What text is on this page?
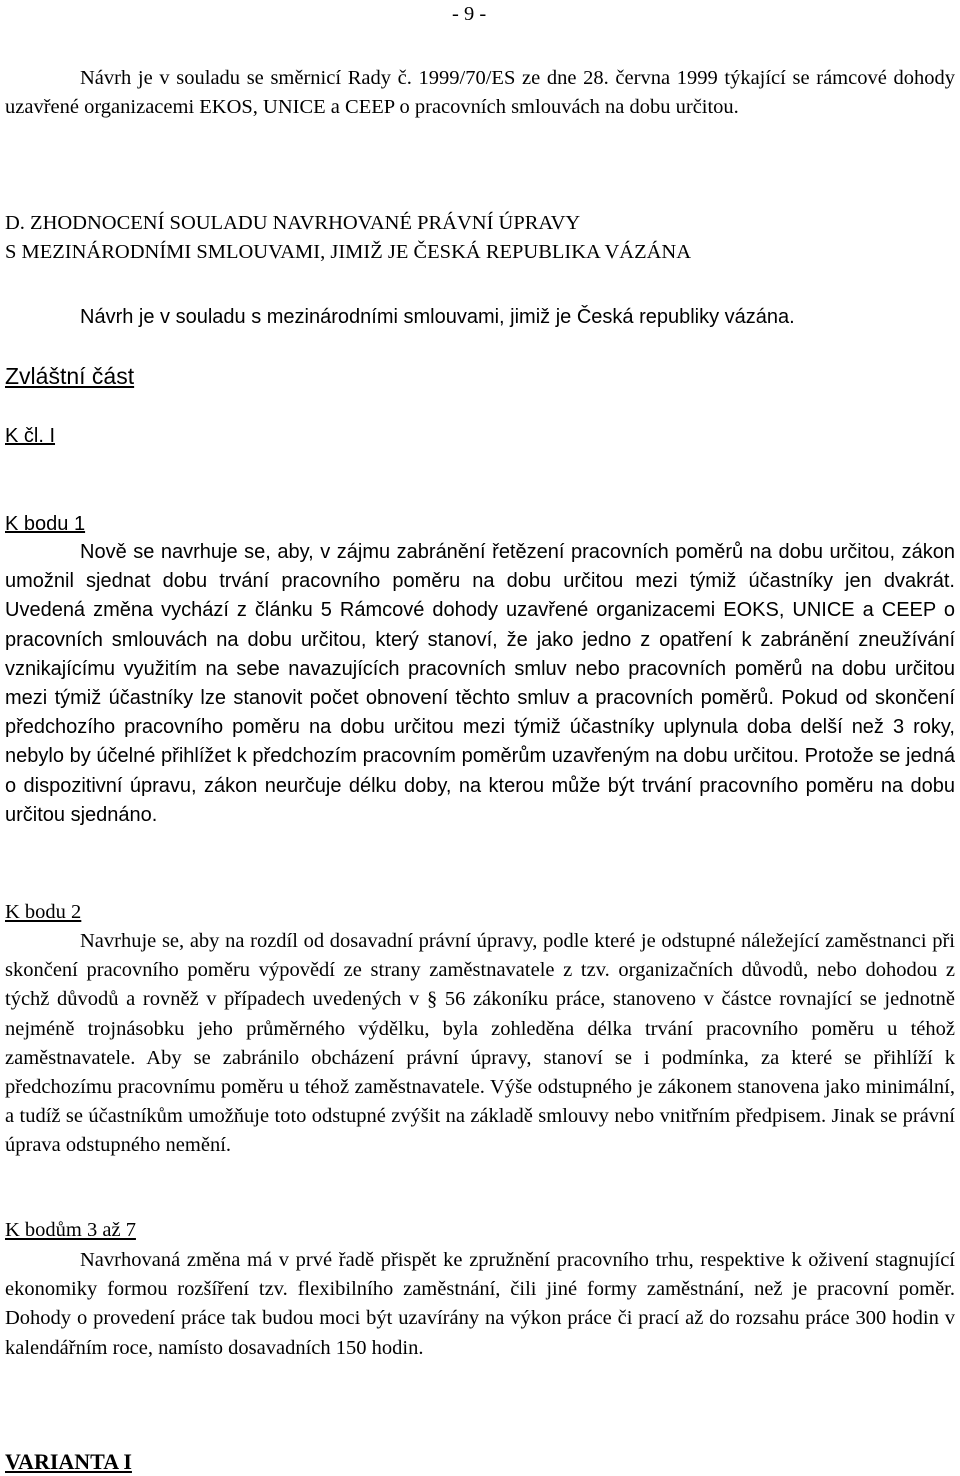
- 9 -

Návrh je v souladu se směrnicí Rady č. 1999/70/ES ze dne 28. června 1999 týkající se rámcové dohody uzavřené organizacemi EKOS, UNICE a CEEP o pracovních smlouvách na dobu určitou.

D. ZHODNOCENÍ SOULADU NAVRHOVANÉ PRÁVNÍ ÚPRAVY
S MEZINÁRODNÍMI SMLOUVAMI, JIMIŽ JE ČESKÁ REPUBLIKA VÁZÁNA

Návrh je v souladu s mezinárodními smlouvami, jimiž je Česká republiky vázána.

Zvláštní část
K čl. I
K bodu 1

Nově se navrhuje se, aby, v zájmu zabránění řetězení pracovních poměrů na dobu určitou, zákon umožnil sjednat dobu trvání pracovního poměru na dobu určitou mezi týmiž účastníky jen dvakrát. Uvedená změna vychází z článku 5 Rámcové dohody uzavřené organizacemi EOKS, UNICE a CEEP o pracovních smlouvách na dobu určitou, který stanoví, že jako jedno z opatření k zabránění zneužívání vznikajícímu využitím na sebe navazujících pracovních smluv nebo pracovních poměrů na dobu určitou mezi týmiž účastníky lze stanovit počet obnovení těchto smluv a pracovních poměrů. Pokud od skončení předchozího pracovního poměru na dobu určitou mezi týmiž účastníky uplynula doba delší než 3 roky, nebylo by účelné přihlížet k předchozím pracovním poměrům uzavřeným na dobu určitou. Protože se jedná o dispozitivní úpravu, zákon neurčuje délku doby, na kterou může být trvání pracovního poměru na dobu určitou sjednáno.

K bodu 2

Navrhuje se, aby na rozdíl od dosavadní právní úpravy, podle které je odstupné náležející zaměstnanci při skončení pracovního poměru výpovědí ze strany zaměstnavatele z tzv. organizačních důvodů, nebo dohodou z týchž důvodů a rovněž v případech uvedených v § 56 zákoníku práce, stanoveno v částce rovnající se jednotně nejméně trojnásobku jeho průměrného výdělku, byla zohleděna délka trvání pracovního poměru u téhož zaměstnavatele. Aby se zabránilo obcházení právní úpravy, stanoví se i podmínka, za které se přihlíží k předchozímu pracovnímu poměru u téhož zaměstnavatele. Výše odstupného je zákonem stanovena jako minimální, a tudíž se účastníkům umožňuje toto odstupné zvýšit na základě smlouvy nebo vnitřním předpisem. Jinak se právní úprava odstupného nemění.

K bodům 3 až 7

Navrhovaná změna má v prvé řadě přispět ke zpružnění pracovního trhu, respektive k oživení stagnující ekonomiky formou rozšíření tzv. flexibilního zaměstnání, čili jiné formy zaměstnání, než je pracovní poměr. Dohody o provedení práce tak budou moci být uzavírány na výkon práce či prací až do rozsahu práce 300 hodin v kalendářním roce, namísto dosavadních 150 hodin.

VARIANTA I
